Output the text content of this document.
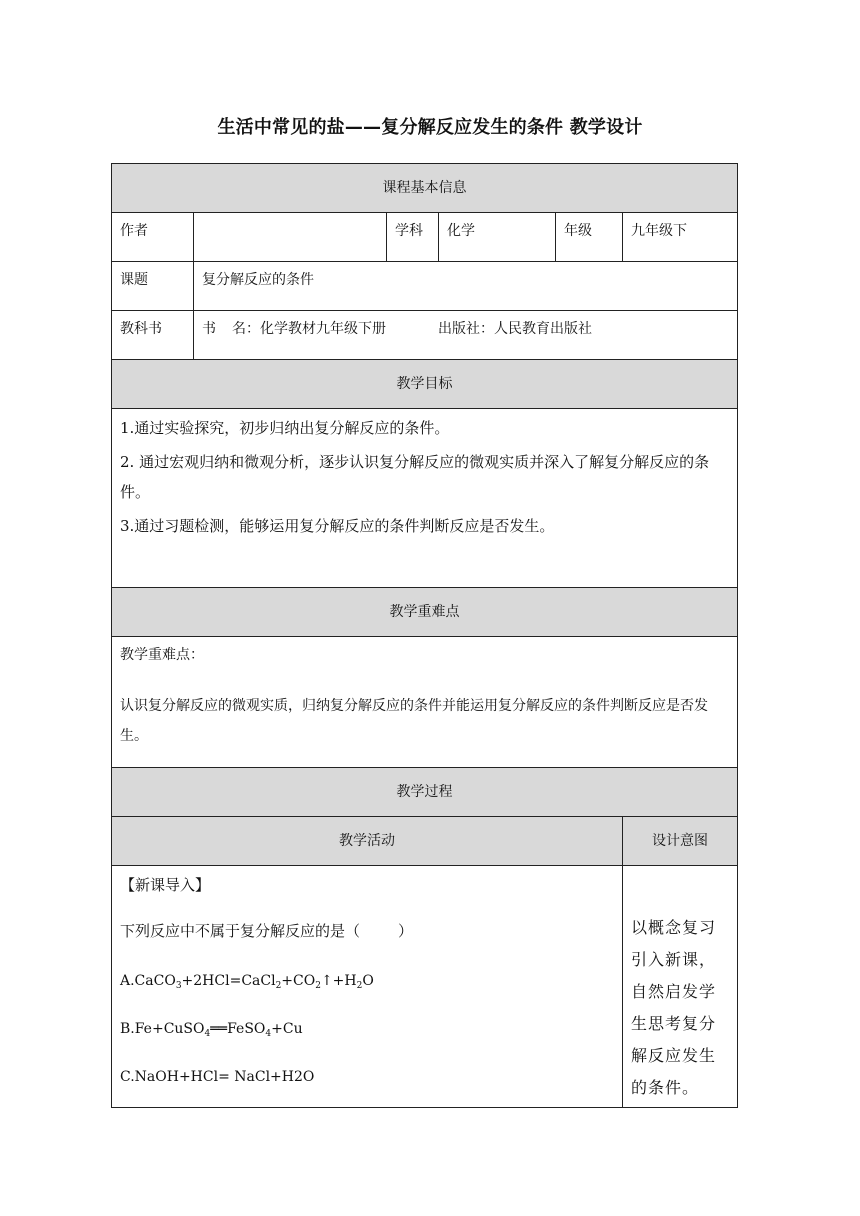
生活中常见的盐——复分解反应发生的条件 教学设计
课程基本信息					
作者		学科	化学	年级	九年级下
课题	复分解反应的条件				
教科书	书 名：化学教材九年级下册 出版社：人民教育出版社				
教学目标					

1.通过实验探究，初步归纳出复分解反应的条件。

2. 通过宏观归纳和微观分析，逐步认识复分解反应的微观实质并深入了解复分解反应的条件。

3.通过习题检测，能够运用复分解反应的条件判断反应是否发生。					

教学重难点					

教学重难点：

认识复分解反应的微观实质，归纳复分解反应的条件并能运用复分解反应的条件判断反应是否发生。					

教学过程					
教学活动					设计意图

【新课导入】

下列反应中不属于复分解反应的是（ ）

$A.CaCO_3+2HCl=CaCl_2+CO_2↑+H_2O$

B.Fe+CuSO$_4$══FeSO$_4$+Cu

C.NaOH+HCl= NaCl+H2O					以概念复习引入新课，自然启发学生思考复分解反应发生的条件。
